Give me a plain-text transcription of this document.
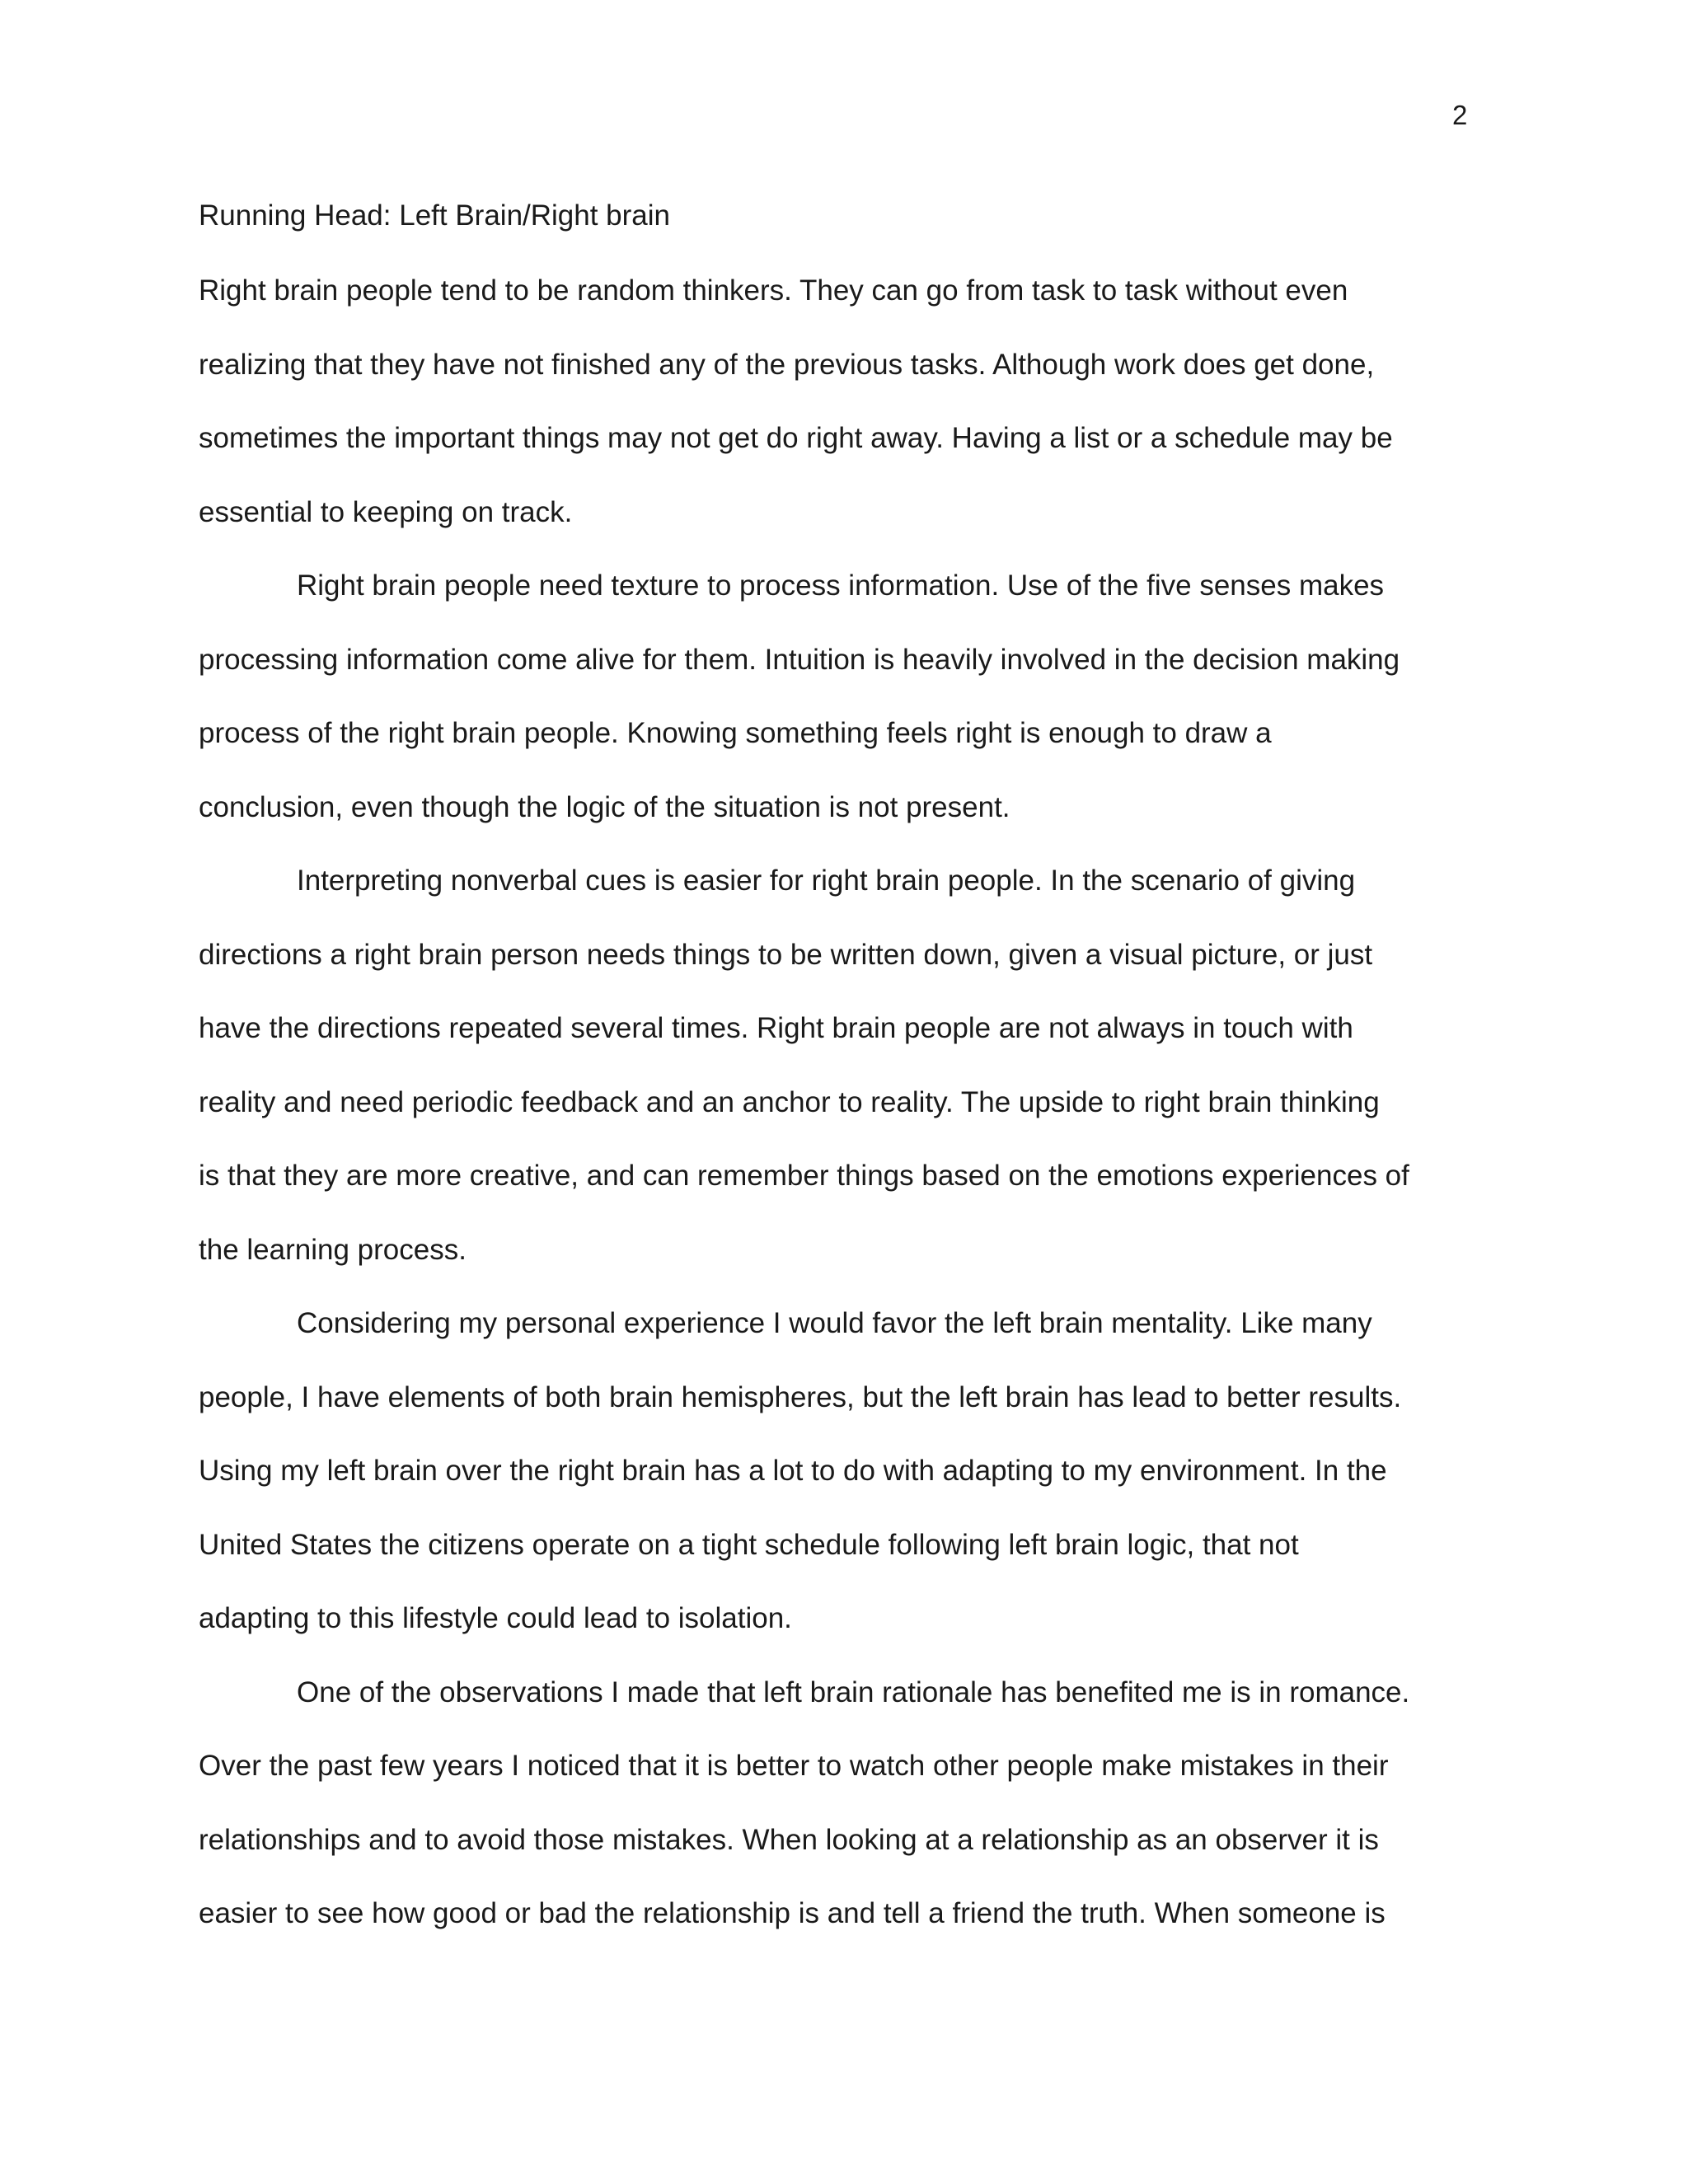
2
Running Head: Left Brain/Right brain
Right brain people tend to be random thinkers. They can go from task to task without even
realizing that they have not finished any of the previous tasks. Although work does get done,
sometimes the important things may not get do right away. Having a list or a schedule may be
essential to keeping on track.
Right brain people need texture to process information. Use of the five senses makes
processing information come alive for them. Intuition is heavily involved in the decision making
process of the right brain people. Knowing something feels right is enough to draw a
conclusion, even though the logic of the situation is not present.
Interpreting nonverbal cues is easier for right brain people. In the scenario of giving
directions a right brain person needs things to be written down, given a visual picture, or just
have the directions repeated several times. Right brain people are not always in touch with
reality and need periodic feedback and an anchor to reality. The upside to right brain thinking
is that they are more creative, and can remember things based on the emotions experiences of
the learning process.
Considering my personal experience I would favor the left brain mentality. Like many
people, I have elements of both brain hemispheres, but the left brain has lead to better results.
Using my left brain over the right brain has a lot to do with adapting to my environment. In the
United States the citizens operate on a tight schedule following left brain logic, that not
adapting to this lifestyle could lead to isolation.
One of the observations I made that left brain rationale has benefited me is in romance.
Over the past few years I noticed that it is better to watch other people make mistakes in their
relationships and to avoid those mistakes. When looking at a relationship as an observer it is
easier to see how good or bad the relationship is and tell a friend the truth. When someone is
